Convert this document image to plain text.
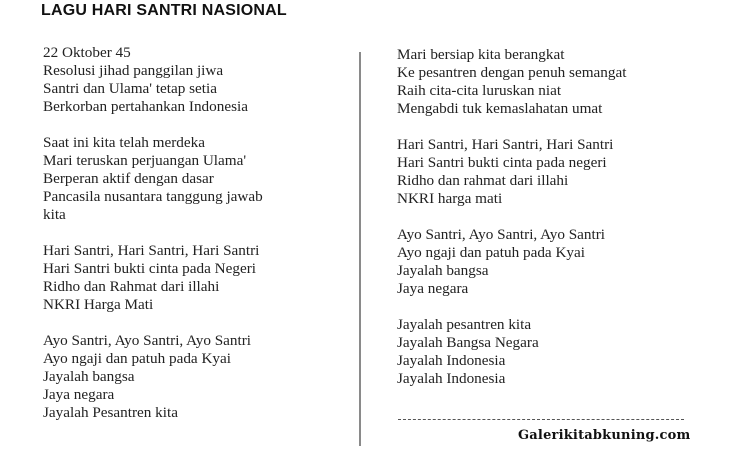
LAGU HARI SANTRI NASIONAL
22 Oktober 45
Resolusi jihad panggilan jiwa
Santri dan Ulama' tetap setia
Berkorban pertahankan Indonesia
Saat ini kita telah merdeka
Mari teruskan perjuangan Ulama'
Berperan aktif dengan dasar
Pancasila nusantara tanggung jawab
kita
Hari Santri, Hari Santri, Hari Santri
Hari Santri bukti cinta pada Negeri
Ridho dan Rahmat dari illahi
NKRI Harga Mati
Ayo Santri, Ayo Santri, Ayo Santri
Ayo ngaji dan patuh pada Kyai
Jayalah bangsa
Jaya negara
Jayalah Pesantren kita
Mari bersiap kita berangkat
Ke pesantren dengan penuh semangat
Raih cita-cita luruskan niat
Mengabdi tuk kemaslahatan umat
Hari Santri, Hari Santri, Hari Santri
Hari Santri bukti cinta pada negeri
Ridho dan rahmat dari illahi
NKRI harga mati
Ayo Santri, Ayo Santri, Ayo Santri
Ayo ngaji dan patuh pada Kyai
Jayalah bangsa
Jaya negara
Jayalah pesantren kita
Jayalah Bangsa Negara
Jayalah Indonesia
Jayalah Indonesia
Galerikitabkuning.com
